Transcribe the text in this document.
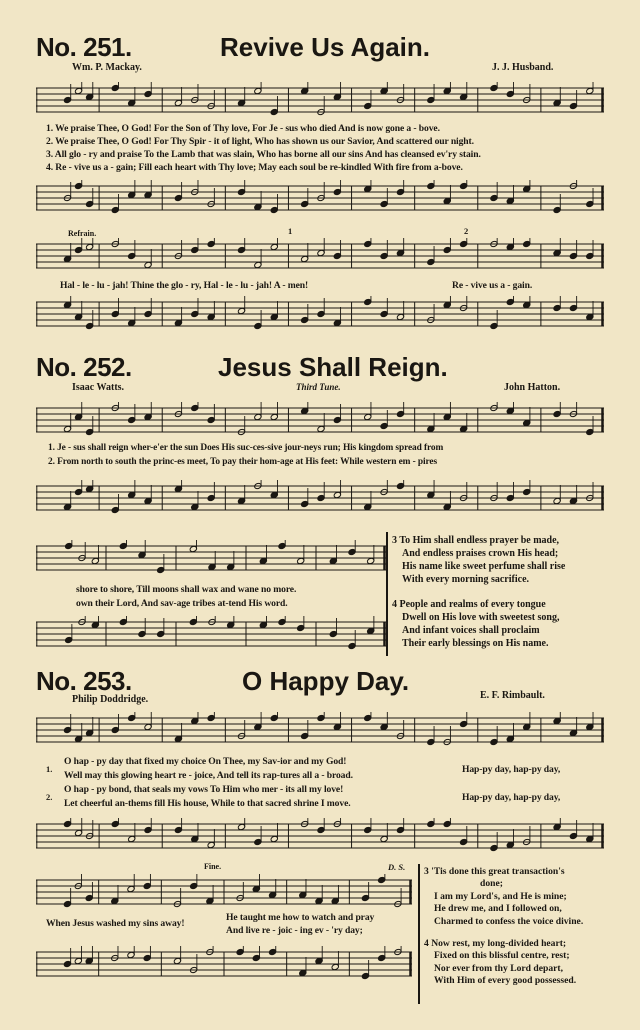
No. 251.	Revive Us Again.
Wm. P. Mackay.	J. J. Husband.
1. We praise Thee, O God! For the Son of Thy love, For Je - sus who died And is now gone a - bove.
2. We praise Thee, O God! For Thy Spir - it of light, Who has shown us our Savior, And scattered our night.
3. All glo - ry and praise To the Lamb that was slain, Who has borne all our sins And has cleansed ev'ry stain.
4. Re - vive us a - gain; Fill each heart with Thy love; May each soul be re-kindled With fire from a-bove.
Refrain.	1	2
Hal - le - lu - jah! Thine the glo - ry, Hal - le - lu - jah! A - men!	Re - vive us a - gain.
No. 252.	Jesus Shall Reign.
Isaac Watts.	Third Tune.	John Hatton.
1. Je - sus shall reign wher-e'er the sun Does His suc-ces-sive jour-neys run; His kingdom spread from
2. From north to south the princ-es meet, To pay their hom-age at His feet: While western em - pires
shore to shore, Till moons shall wax and wane no more.
own their Lord, And sav-age tribes at-tend His word.
3 To Him shall endless prayer be made,
And endless praises crown His head;
His name like sweet perfume shall rise
With every morning sacrifice.
4 People and realms of every tongue
Dwell on His love with sweetest song,
And infant voices shall proclaim
Their early blessings on His name.
No. 253.	O Happy Day.
Philip Doddridge.	E. F. Rimbault.
1.
O hap - py day that fixed my choice On Thee, my Sav-ior and my God!
Well may this glowing heart re - joice, And tell its rap-tures all a - broad.
Hap-py day, hap-py day,
2.
O hap - py bond, that seals my vows To Him who mer - its all my love!
Let cheerful an-thems fill His house, While to that sacred shrine I move.
Hap-py day, hap-py day,
Fine.	D. S.
When Jesus washed my sins away!
He taught me how to watch and pray
And live re - joic - ing ev - 'ry day;
3 'Tis done this great transaction's
done;
I am my Lord's, and He is mine;
He drew me, and I followed on,
Charmed to confess the voice divine.
4 Now rest, my long-divided heart;
Fixed on this blissful centre, rest;
Nor ever from thy Lord depart,
With Him of every good possessed.
